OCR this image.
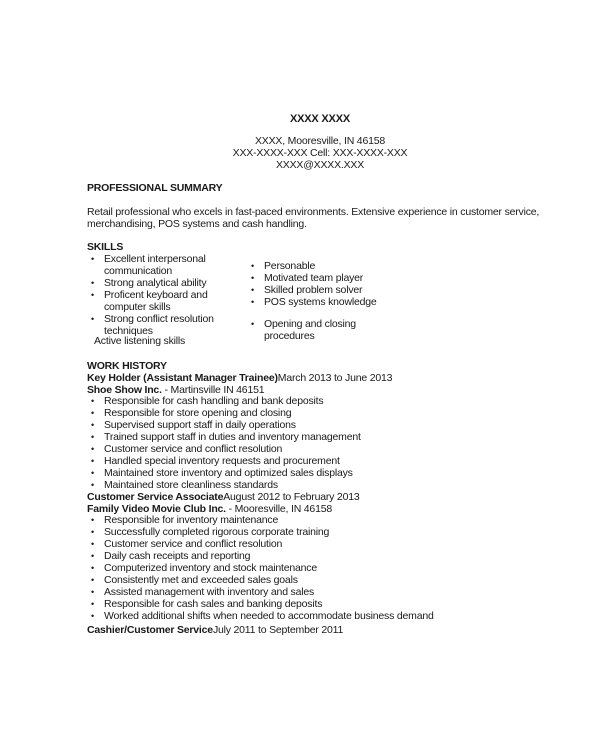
XXXX XXXX
XXXX, Mooresville, IN 46158
XXX-XXXX-XXX Cell: XXX-XXXX-XXX
XXXX@XXXX.XXX
PROFESSIONAL SUMMARY
Retail professional who excels in fast-paced environments. Extensive experience in customer service,
merchandising, POS systems and cash handling.
SKILLS
• Excellent interpersonal communication
• Strong analytical ability
• Proficent keyboard and computer skills
• Strong conflict resolution techniques
Active listening skills
• Personable
• Motivated team player
• Skilled problem solver
• POS systems knowledge
• Opening and closing procedures
WORK HISTORY
Key Holder (Assistant Manager Trainee)March 2013 to June 2013
Shoe Show Inc. - Martinsville IN 46151
• Responsible for cash handling and bank deposits
• Responsible for store opening and closing
• Supervised support staff in daily operations
• Trained support staff in duties and inventory management
• Customer service and conflict resolution
• Handled special inventory requests and procurement
• Maintained store inventory and optimized sales displays
• Maintained store cleanliness standards
Customer Service AssociateAugust 2012 to February 2013
Family Video Movie Club Inc. - Mooresville, IN 46158
• Responsible for inventory maintenance
• Successfully completed rigorous corporate training
• Customer service and conflict resolution
• Daily cash receipts and reporting
• Computerized inventory and stock maintenance
• Consistently met and exceeded sales goals
• Assisted management with inventory and sales
• Responsible for cash sales and banking deposits
• Worked additional shifts when needed to accommodate business demand
Cashier/Customer ServiceJuly 2011 to September 2011
